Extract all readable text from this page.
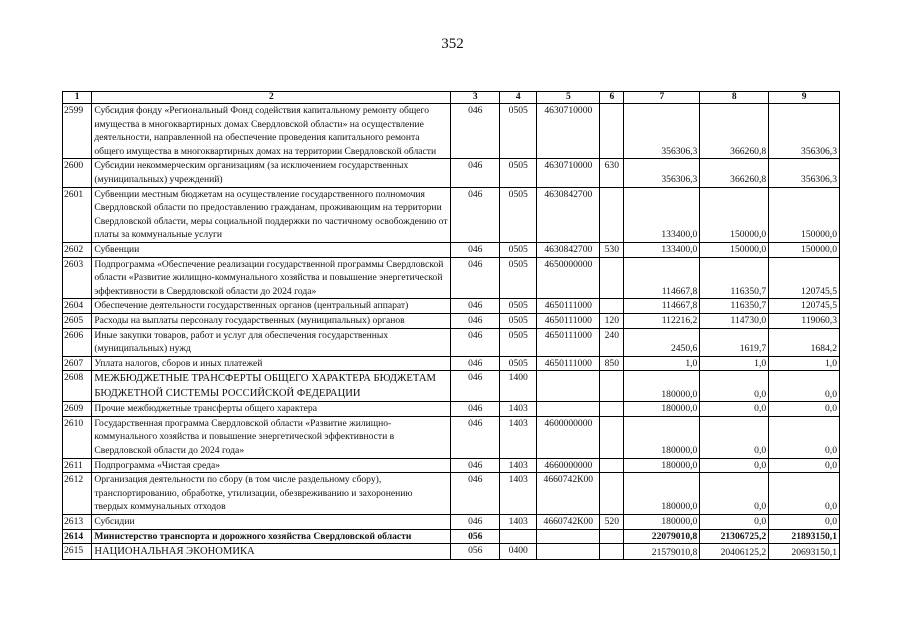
352
1	2	3	4	5	6	7	8	9
2599	Субсидия фонду «Региональный Фонд содействия капитальному ремонту общего имущества в многоквартирных домах Свердловской области» на осуществление деятельности, направленной на обеспечение проведения капитального ремонта общего имущества в многоквартирных домах на территории Свердловской области	046	0505	4630710000		356306,3	366260,8	356306,3
2600	Субсидии некоммерческим организациям (за исключением государственных (муниципальных) учреждений)	046	0505	4630710000	630	356306,3	366260,8	356306,3
2601	Субвенции местным бюджетам на осуществление государственного полномочия Свердловской области по предоставлению гражданам, проживающим на территории Свердловской области, меры социальной поддержки по частичному освобождению от платы за коммунальные услуги	046	0505	4630842700		133400,0	150000,0	150000,0
2602	Субвенции	046	0505	4630842700	530	133400,0	150000,0	150000,0
2603	Подпрограмма «Обеспечение реализации государственной программы Свердловской области «Развитие жилищно-коммунального хозяйства и повышение энергетической эффективности в Свердловской области до 2024 года»	046	0505	4650000000		114667,8	116350,7	120745,5
2604	Обеспечение деятельности государственных органов (центральный аппарат)	046	0505	4650111000		114667,8	116350,7	120745,5
2605	Расходы на выплаты персоналу государственных (муниципальных) органов	046	0505	4650111000	120	112216,2	114730,0	119060,3
2606	Иные закупки товаров, работ и услуг для обеспечения государственных (муниципальных) нужд	046	0505	4650111000	240	2450,6	1619,7	1684,2
2607	Уплата налогов, сборов и иных платежей	046	0505	4650111000	850	1,0	1,0	1,0
2608	МЕЖБЮДЖЕТНЫЕ ТРАНСФЕРТЫ ОБЩЕГО ХАРАКТЕРА БЮДЖЕТАМ БЮДЖЕТНОЙ СИСТЕМЫ РОССИЙСКОЙ ФЕДЕРАЦИИ	046	1400			180000,0	0,0	0,0
2609	Прочие межбюджетные трансферты общего характера	046	1403			180000,0	0,0	0,0
2610	Государственная программа Свердловской области «Развитие жилищно-коммунального хозяйства и повышение энергетической эффективности в Свердловской области до 2024 года»	046	1403	4600000000		180000,0	0,0	0,0
2611	Подпрограмма «Чистая среда»	046	1403	4660000000		180000,0	0,0	0,0
2612	Организация деятельности по сбору (в том числе раздельному сбору), транспортированию, обработке, утилизации, обезвреживанию и захоронению твердых коммунальных отходов	046	1403	4660742К00		180000,0	0,0	0,0
2613	Субсидии	046	1403	4660742К00	520	180000,0	0,0	0,0
2614	Министерство транспорта и дорожного хозяйства Свердловской области	056				22079010,8	21306725,2	21893150,1
2615	НАЦИОНАЛЬНАЯ ЭКОНОМИКА	056	0400			21579010,8	20406125,2	20693150,1
